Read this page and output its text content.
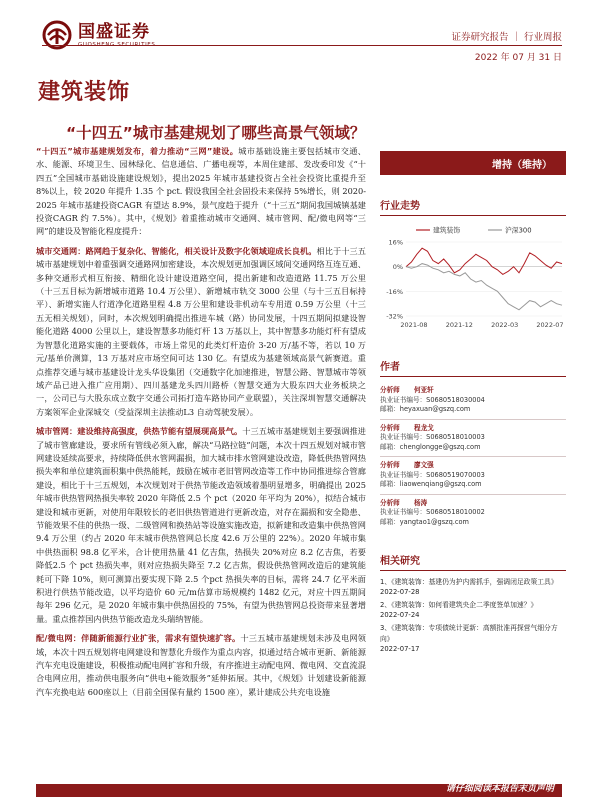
国盛证券	证券研究报告 ｜ 行业周报
2022 年 07 月 31 日
建筑装饰
“十四五”城市基建规划了哪些高景气领域？

“十四五”城市基建规划发布，着力推动“三网”建设。城市基础设施主要包括城市交通、水、能源、环境卫生、园林绿化、信息通信、广播电视等，本周住建部、发改委印发《“十四五”全国城市基础设施建设规划》，提出2025 年城市基建投资占全社会投资比重提升至 8%以上，较 2020 年提升 1.35 个 pct. 假设我国全社会固投未来保持 5%增长，则 2020-2025 年城市基建投资CAGR 有望达 8.9%，景气度趋于提升（“十三五”期间我国城镇基建投资CAGR 约 7.5%）。其中，《规划》着重推动城市交通网、城市管网、配/微电网等“三网”的建设及智能化程度提升：

城市交通网：路网趋于复杂化、智能化，相关设计及数字化领域迎成长良机。相比于十三五城市基建规划中着重强调交通路网加密建设，本次规划更加强调区域间交通网络互连互通、多种交通形式相互衔接、精细化设计建设道路空间，提出新建和改造道路 11.75 万公里（十三五目标为新增城市道路 10.4 万公里）、新增城市轨交 3000 公里（与十三五目标持平）、新增实施人行道净化道路里程 4.8 万公里和建设非机动车专用道 0.59 万公里（十三五无相关规划），同时，本次规划明确提出推进车城（路）协同发展，十四五期间拟建设智能化道路 4000 公里以上，建设智慧多功能灯杆 13 万基以上，其中智慧多功能灯杆有望成为智慧化道路实施的主要载体，市场上常见的此类灯杆造价 3-20 万/基不等，若以 10 万元/基单价测算，13 万基对应市场空间可达 130 亿。有望成为基建领域高景气新赛道。重点推荐交通与城市基建设计龙头华设集团（交通数字化加速推进，智慧公路、智慧城市等领域产品已进入推广应用期）、四川基建龙头四川路桥（智慧交通为大股东四大业务板块之一，公司已与大股东成立数字交通公司拓打造车路协同产业联盟），关注深圳智慧交通解决方案领军企业深城交（受益深圳主法推动L3 自动驾驶发展）。

城市管网：建设维持高强度，供热节能有望展现高景气。十三五城市基建规划主要强调推进了城市管廊建设，要求所有管线必须入廊，解决“马路拉链”问题，本次十四五规划对城市管网建设延续高要求，持续降低供水管网漏损，加大城市排水管网建设改造，降低供热管网热损失率和单位建筑面积集中供热能耗，鼓励在城市老旧管网改造等工作中协同推进综合管廊建设，相比于十三五规划，本次规划对于供热节能改造领域着墨明显增多，明确提出 2025 年城市供热管网热损失率较 2020 年降低 2.5 个 pct（2020 年平均为 20%），拟结合城市建设和城市更新，对使用年限较长的老旧供热管道进行更新改造，对存在漏损和安全隐患、节能效果不佳的供热一级、二级管网和换热站等设施实施改造，拟新建和改造集中供热管网 9.4 万公里（约占 2020 年末城市供热管网总长度 42.6 万公里的 22%）。2020 年城市集中供热面积 98.8 亿平米，合计使用热量 41 亿吉焦，热损失 20%对应 8.2 亿吉焦，若要降低2.5 个 pct 热损失率，则对应热损失降至 7.2 亿吉焦，假设供热管网改造后的建筑能耗可下降 10%，则可测算出要实现下降 2.5 个pct 热损失率的目标，需将 24.7 亿平米面积进行供热节能改造，以平均造价 60 元/m估算市场规模约 1482 亿元，对应十四五期间每年 296 亿元，是 2020 年城市集中供热固投的 75%，有望为供热管网总投资带来显著增量。重点推荐国内供热节能改造龙头瑞纳智能。

配/微电网：伴随新能源行业扩张，需求有望快速扩容。十三五城市基建规划未涉及电网领域，本次十四五规划将电网建设和智慧化升级作为重点内容，拟通过结合城市更新、新能源汽车充电设施建设，积极推动配电网扩容和升级，有序推进主动配电网、微电网、交直流混合电网应用，推动供电服务向“供电+能效服务”延伸拓展。其中，《规划》计划建设新能源汽车充换电站 600座以上（目前全国保有量约 1500 座），累计建成公共充电设施

增持（维持）
行业走势
16%
0%
-16%
-32%
2021-08	2021-12	2022-03	2022-07
建筑装饰	沪深300
作者
分析师	何亚轩
执业证书编号：S0680518030004
邮箱：heyaxuan@gszq.com
分析师	程龙戈
执业证书编号：S0680518010003
邮箱：chenglongge@gszq.com
分析师	廖文强
执业证书编号：S0680519070003
邮箱：liaowenqiang@gszq.com
分析师	杨涛
执业证书编号：S0680518010002
邮箱：yangtao1@gszq.com
相关研究
1、《建筑装饰：基建仍为护内需抓手，强调闭足政策工具》
2022-07-28
2、《建筑装饰：如何看建筑央企二季度签单加速？》
2022-07-24
3、《建筑装饰：专项债统计更新：高额批准再探营气细分方向》
2022-07-17
请仔细阅读本报告末页声明
